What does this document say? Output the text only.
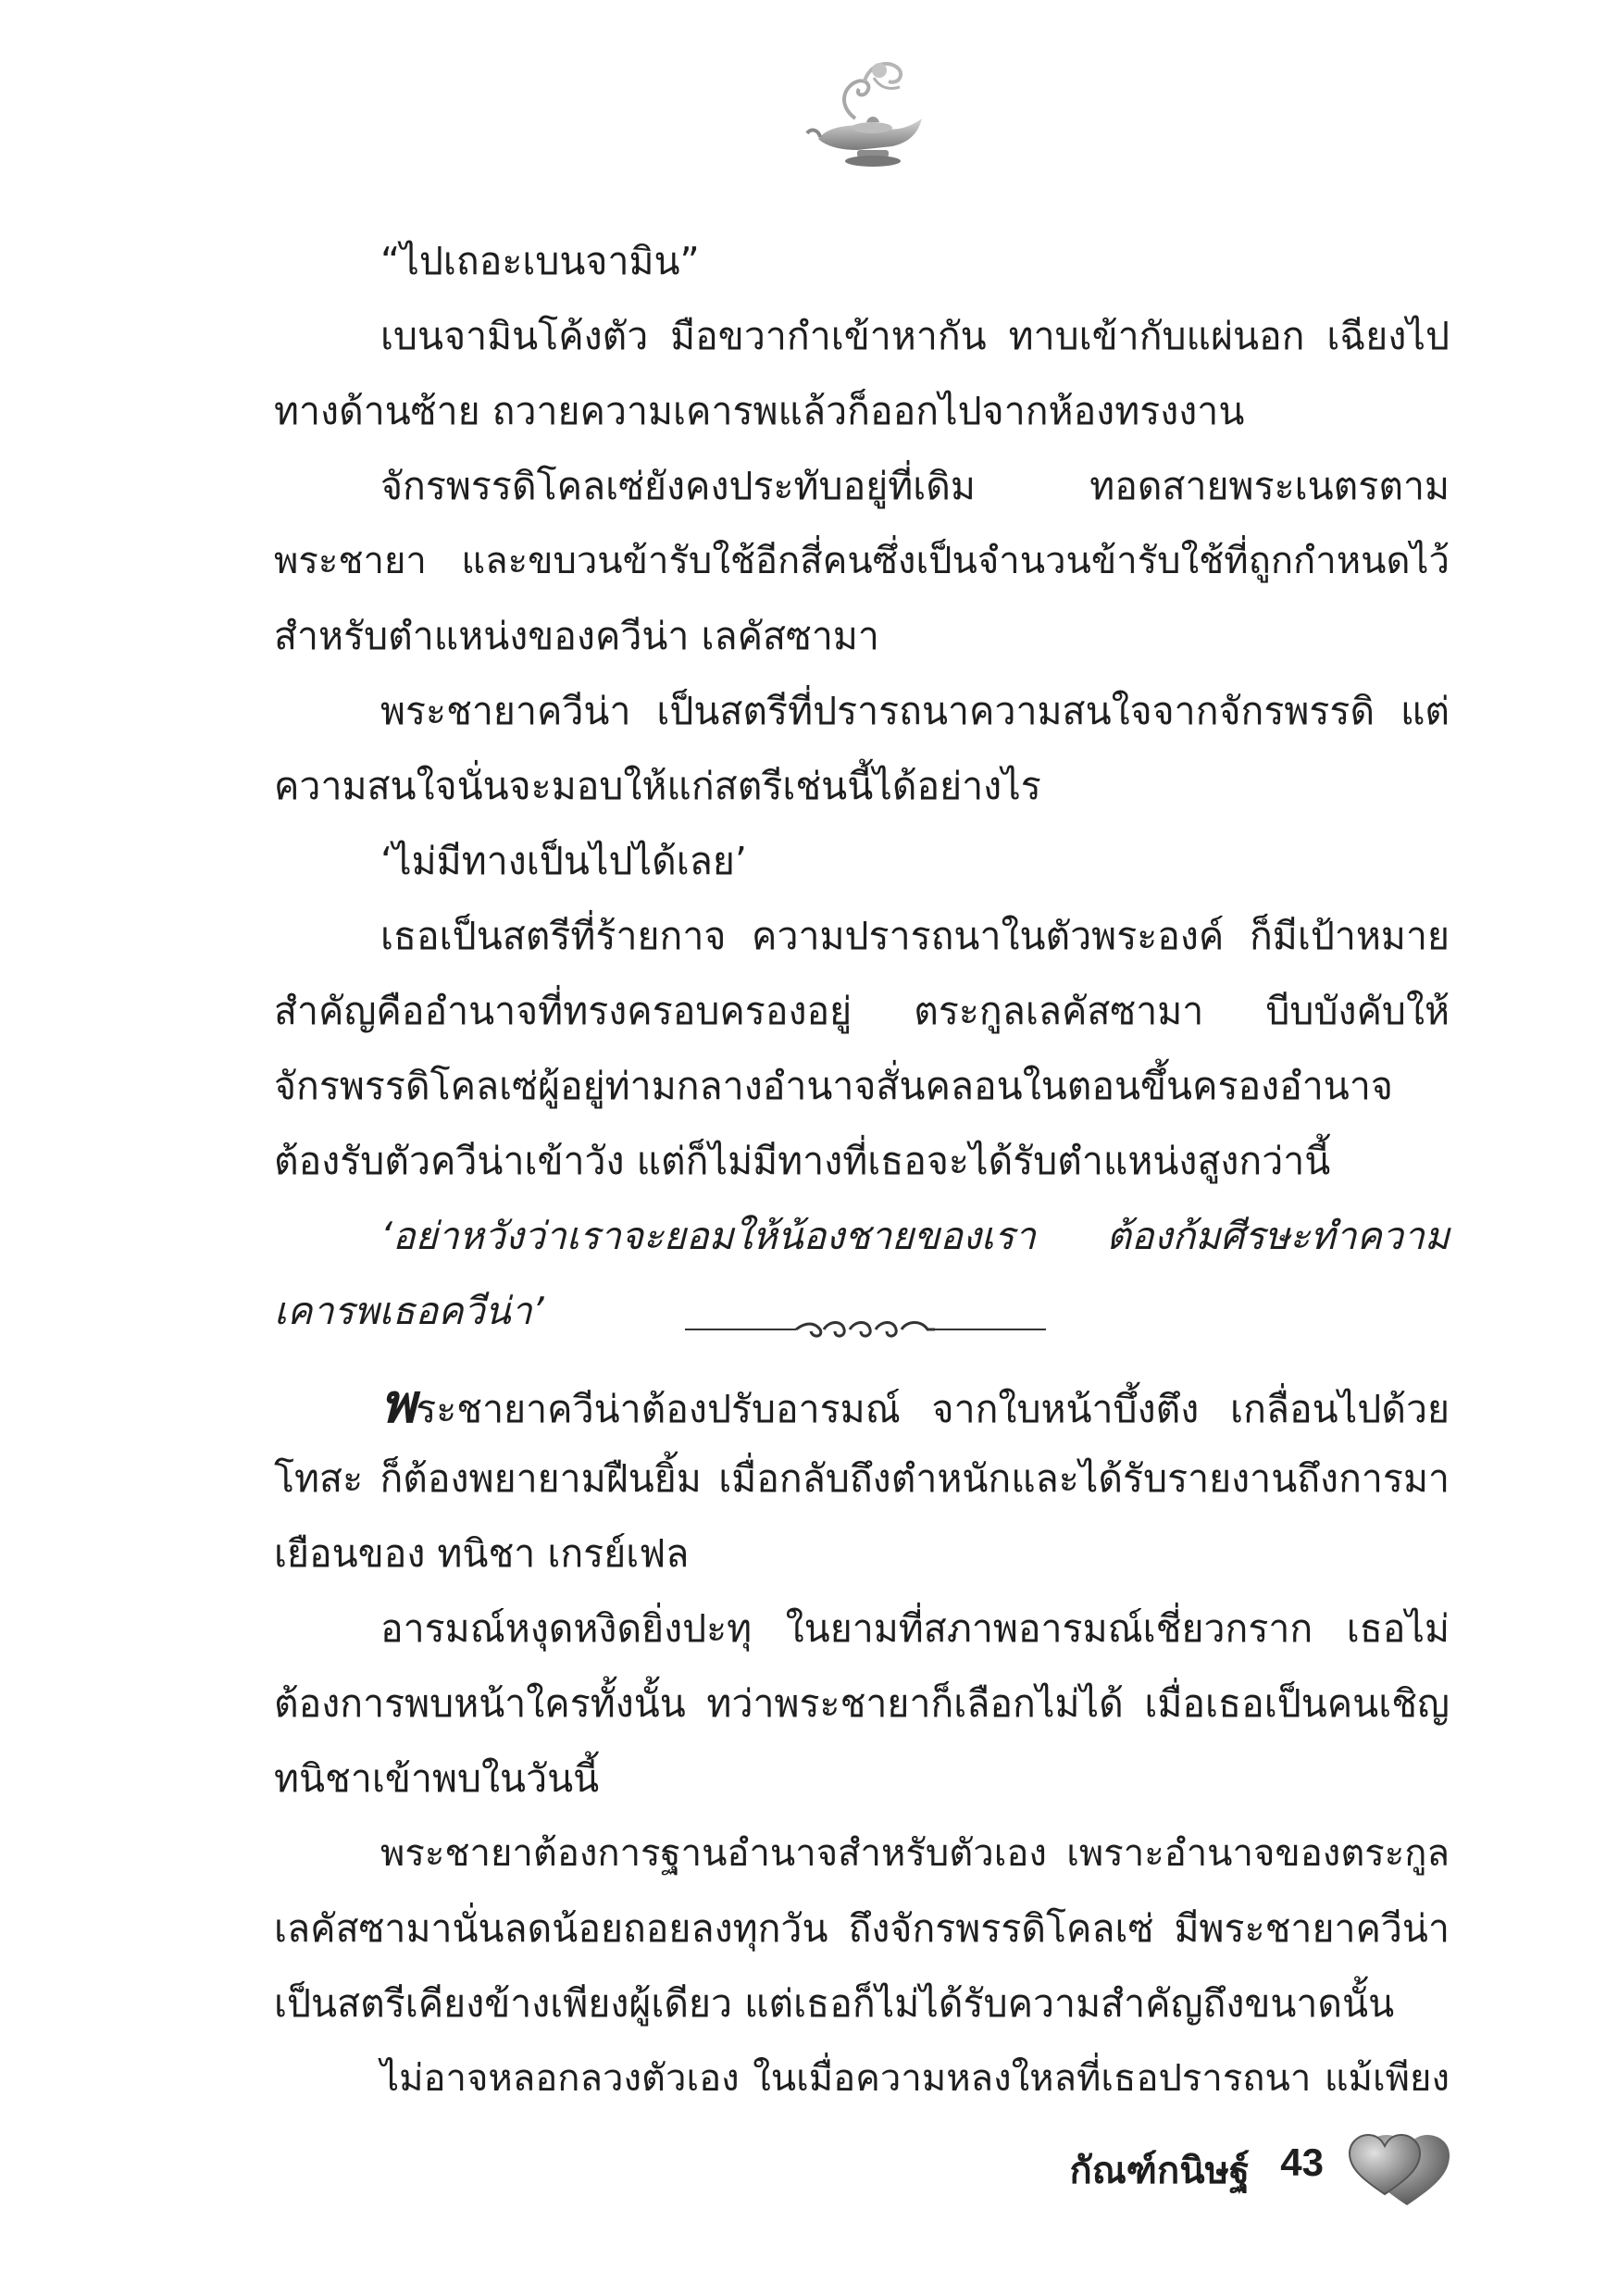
“ไปเถอะเบนจามิน”
เบนจามินโค้งตัว มือขวากำเข้าหากัน ทาบเข้ากับแผ่นอก เฉียงไป
ทางด้านซ้าย ถวายความเคารพแล้วก็ออกไปจากห้องทรงงาน
จักรพรรดิโคลเซ่ยังคงประทับอยู่ที่เดิม ทอดสายพระเนตรตาม
พระชายา และขบวนข้ารับใช้อีกสี่คนซึ่งเป็นจำนวนข้ารับใช้ที่ถูกกำหนดไว้
สำหรับตำแหน่งของควีน่า เลคัสซามา
พระชายาควีน่า เป็นสตรีที่ปรารถนาความสนใจจากจักรพรรดิ แต่
ความสนใจนั่นจะมอบให้แก่สตรีเช่นนี้ได้อย่างไร
‘ไม่มีทางเป็นไปได้เลย’
เธอเป็นสตรีที่ร้ายกาจ ความปรารถนาในตัวพระองค์ ก็มีเป้าหมาย
สำคัญคืออำนาจที่ทรงครอบครองอยู่ ตระกูลเลคัสซามา บีบบังคับให้
จักรพรรดิโคลเซ่ผู้อยู่ท่ามกลางอำนาจสั่นคลอนในตอนขึ้นครองอำนาจ
ต้องรับตัวควีน่าเข้าวัง แต่ก็ไม่มีทางที่เธอจะได้รับตำแหน่งสูงกว่านี้
‘อย่าหวังว่าเราจะยอมให้น้องชายของเรา ต้องก้มศีรษะทำความ
เคารพเธอควีน่า’
พระชายาควีน่าต้องปรับอารมณ์ จากใบหน้าบึ้งตึง เกลื่อนไปด้วย
โทสะ ก็ต้องพยายามฝืนยิ้ม เมื่อกลับถึงตำหนักและได้รับรายงานถึงการมา
เยือนของ ทนิชา เกรย์เฟล
อารมณ์หงุดหงิดยิ่งปะทุ ในยามที่สภาพอารมณ์เชี่ยวกราก เธอไม่
ต้องการพบหน้าใครทั้งนั้น ทว่าพระชายาก็เลือกไม่ได้ เมื่อเธอเป็นคนเชิญ
ทนิชาเข้าพบในวันนี้
พระชายาต้องการฐานอำนาจสำหรับตัวเอง เพราะอำนาจของตระกูล
เลคัสซามานั่นลดน้อยถอยลงทุกวัน ถึงจักรพรรดิโคลเซ่ มีพระชายาควีน่า
เป็นสตรีเคียงข้างเพียงผู้เดียว แต่เธอก็ไม่ได้รับความสำคัญถึงขนาดนั้น
ไม่อาจหลอกลวงตัวเอง ในเมื่อความหลงใหลที่เธอปรารถนา แม้เพียง
กัณฑ์กนิษฐ์ 43
